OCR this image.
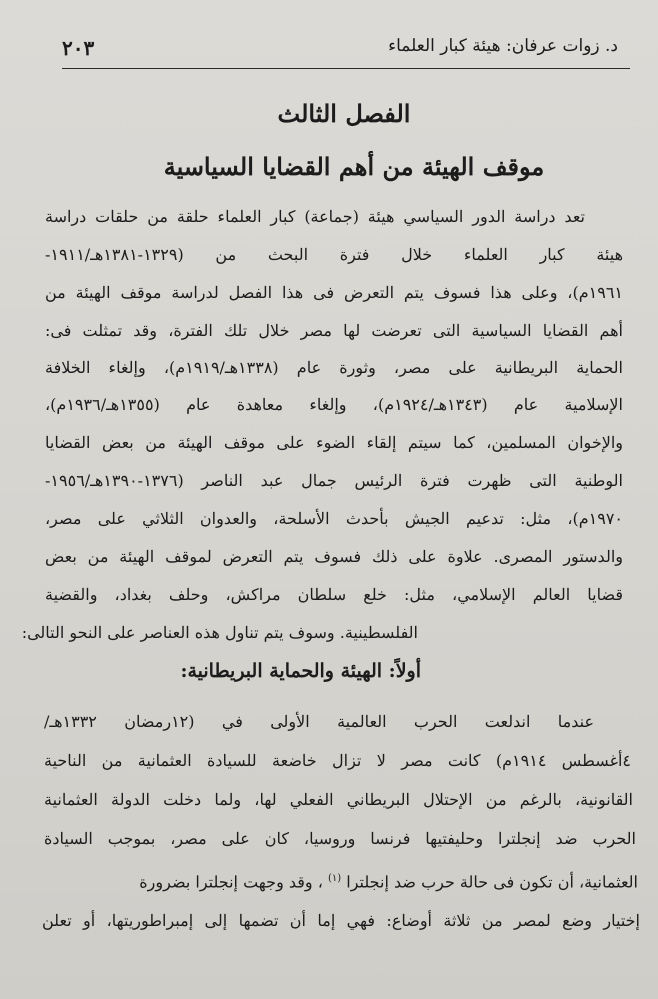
د. زوات عرفان: هيئة كبار العلماء
٢٠٣
الفصل الثالث
موقف الهيئة من أهم القضايا السياسية
تعد دراسة الدور السياسي هيئة (جماعة) كبار العلماء حلقة من حلقات دراسة
هيئة كبار العلماء خلال فترة البحث من (١٣٢٩-١٣٨١هـ/١٩١١-
١٩٦١م)، وعلى هذا فسوف يتم التعرض فى هذا الفصل لدراسة موقف الهيئة من
أهم القضايا السياسية التى تعرضت لها مصر خلال تلك الفترة، وقد تمثلت فى:
الحماية البريطانية على مصر، وثورة عام (١٣٣٨هـ/١٩١٩م)، وإلغاء الخلافة
الإسلامية عام (١٣٤٣هـ/١٩٢٤م)، وإلغاء معاهدة عام (١٣٥٥هـ/١٩٣٦م)،
والإخوان المسلمين، كما سيتم إلقاء الضوء على موقف الهيئة من بعض القضايا
الوطنية التى ظهرت فترة الرئيس جمال عبد الناصر (١٣٧٦-١٣٩٠هـ/١٩٥٦-
١٩٧٠م)، مثل: تدعيم الجيش بأحدث الأسلحة، والعدوان الثلاثي على مصر،
والدستور المصرى. علاوة على ذلك فسوف يتم التعرض لموقف الهيئة من بعض
قضايا العالم الإسلامي، مثل: خلع سلطان مراكش، وحلف بغداد، والقضية
الفلسطينية. وسوف يتم تناول هذه العناصر على النحو التالى:
أولاً: الهيئة والحماية البريطانية:
عندما اندلعت الحرب العالمية الأولى في (١٢رمضان ١٣٣٢هـ/
٤أغسطس ١٩١٤م) كانت مصر لا تزال خاضعة للسيادة العثمانية من الناحية
القانونية، بالرغم من الإحتلال البريطاني الفعلي لها، ولما دخلت الدولة العثمانية
الحرب ضد إنجلترا وحليفتيها فرنسا وروسيا، كان على مصر، بموجب السيادة
العثمانية، أن تكون فى حالة حرب ضد إنجلترا $^{(١)}$ ، وقد وجهت إنجلترا بضرورة
إختيار وضع لمصر من ثلاثة أوضاع: فهي إما أن تضمها إلى إمبراطوريتها، أو تعلن
